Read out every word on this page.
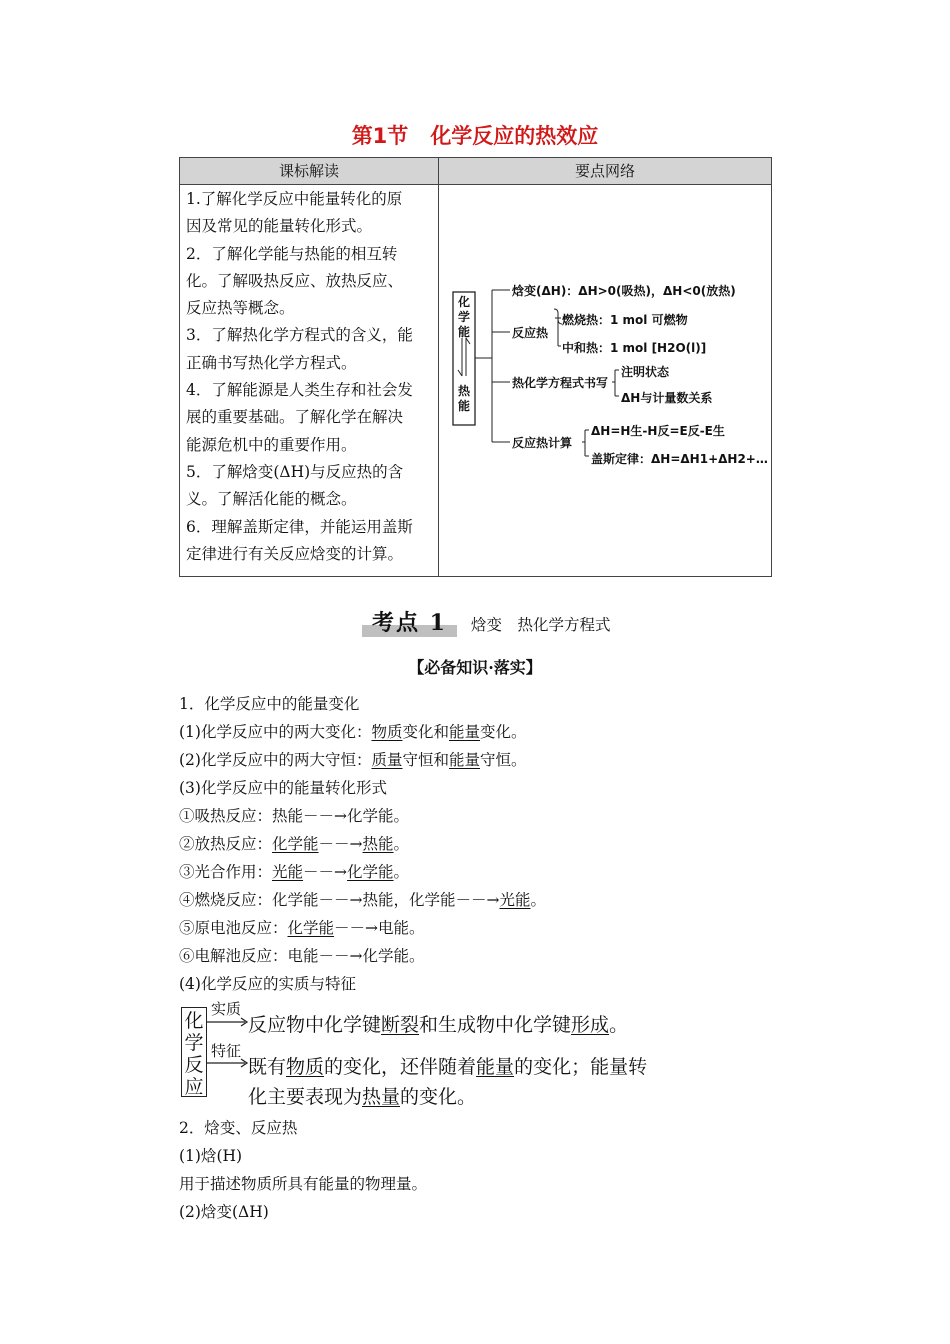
第1节 化学反应的热效应
课标解读	要点网络
1.了解化学反应中能量转化的原
因及常见的能量转化形式。
2．了解化学能与热能的相互转
化。了解吸热反应、放热反应、
反应热等概念。
3．了解热化学方程式的含义，能
正确书写热化学方程式。
4．了解能源是人类生存和社会发
展的重要基础。了解化学在解决
能源危机中的重要作用。
5．了解焓变(ΔH)与反应热的含
义。了解活化能的概念。
6．理解盖斯定律，并能运用盖斯
定律进行有关反应焓变的计算。
化学能
热能
焓变(ΔH)：ΔH>0(吸热)，ΔH<0(放热)
反应热
燃烧热：1 mol 可燃物
中和热：1 mol [H2O(l)]
热化学方程式书写
注明状态
ΔH与计量数关系
反应热计算
ΔH=H生-H反=E反-E生
盖斯定律：ΔH=ΔH1+ΔH2+…
考点 1 焓变　热化学方程式
【必备知识·落实】
1．化学反应中的能量变化
(1)化学反应中的两大变化：物质变化和能量变化。
(2)化学反应中的两大守恒：质量守恒和能量守恒。
(3)化学反应中的能量转化形式
①吸热反应：热能－－→化学能。
②放热反应：化学能－－→热能。
③光合作用：光能－－→化学能。
④燃烧反应：化学能－－→热能，化学能－－→光能。
⑤原电池反应：化学能－－→电能。
⑥电解池反应：电能－－→化学能。
(4)化学反应的实质与特征
化学反应
实质
反应物中化学键断裂和生成物中化学键形成。
特征
既有物质的变化，还伴随着能量的变化；能量转
化主要表现为热量的变化。
2．焓变、反应热
(1)焓(H)
用于描述物质所具有能量的物理量。
(2)焓变(ΔH)
